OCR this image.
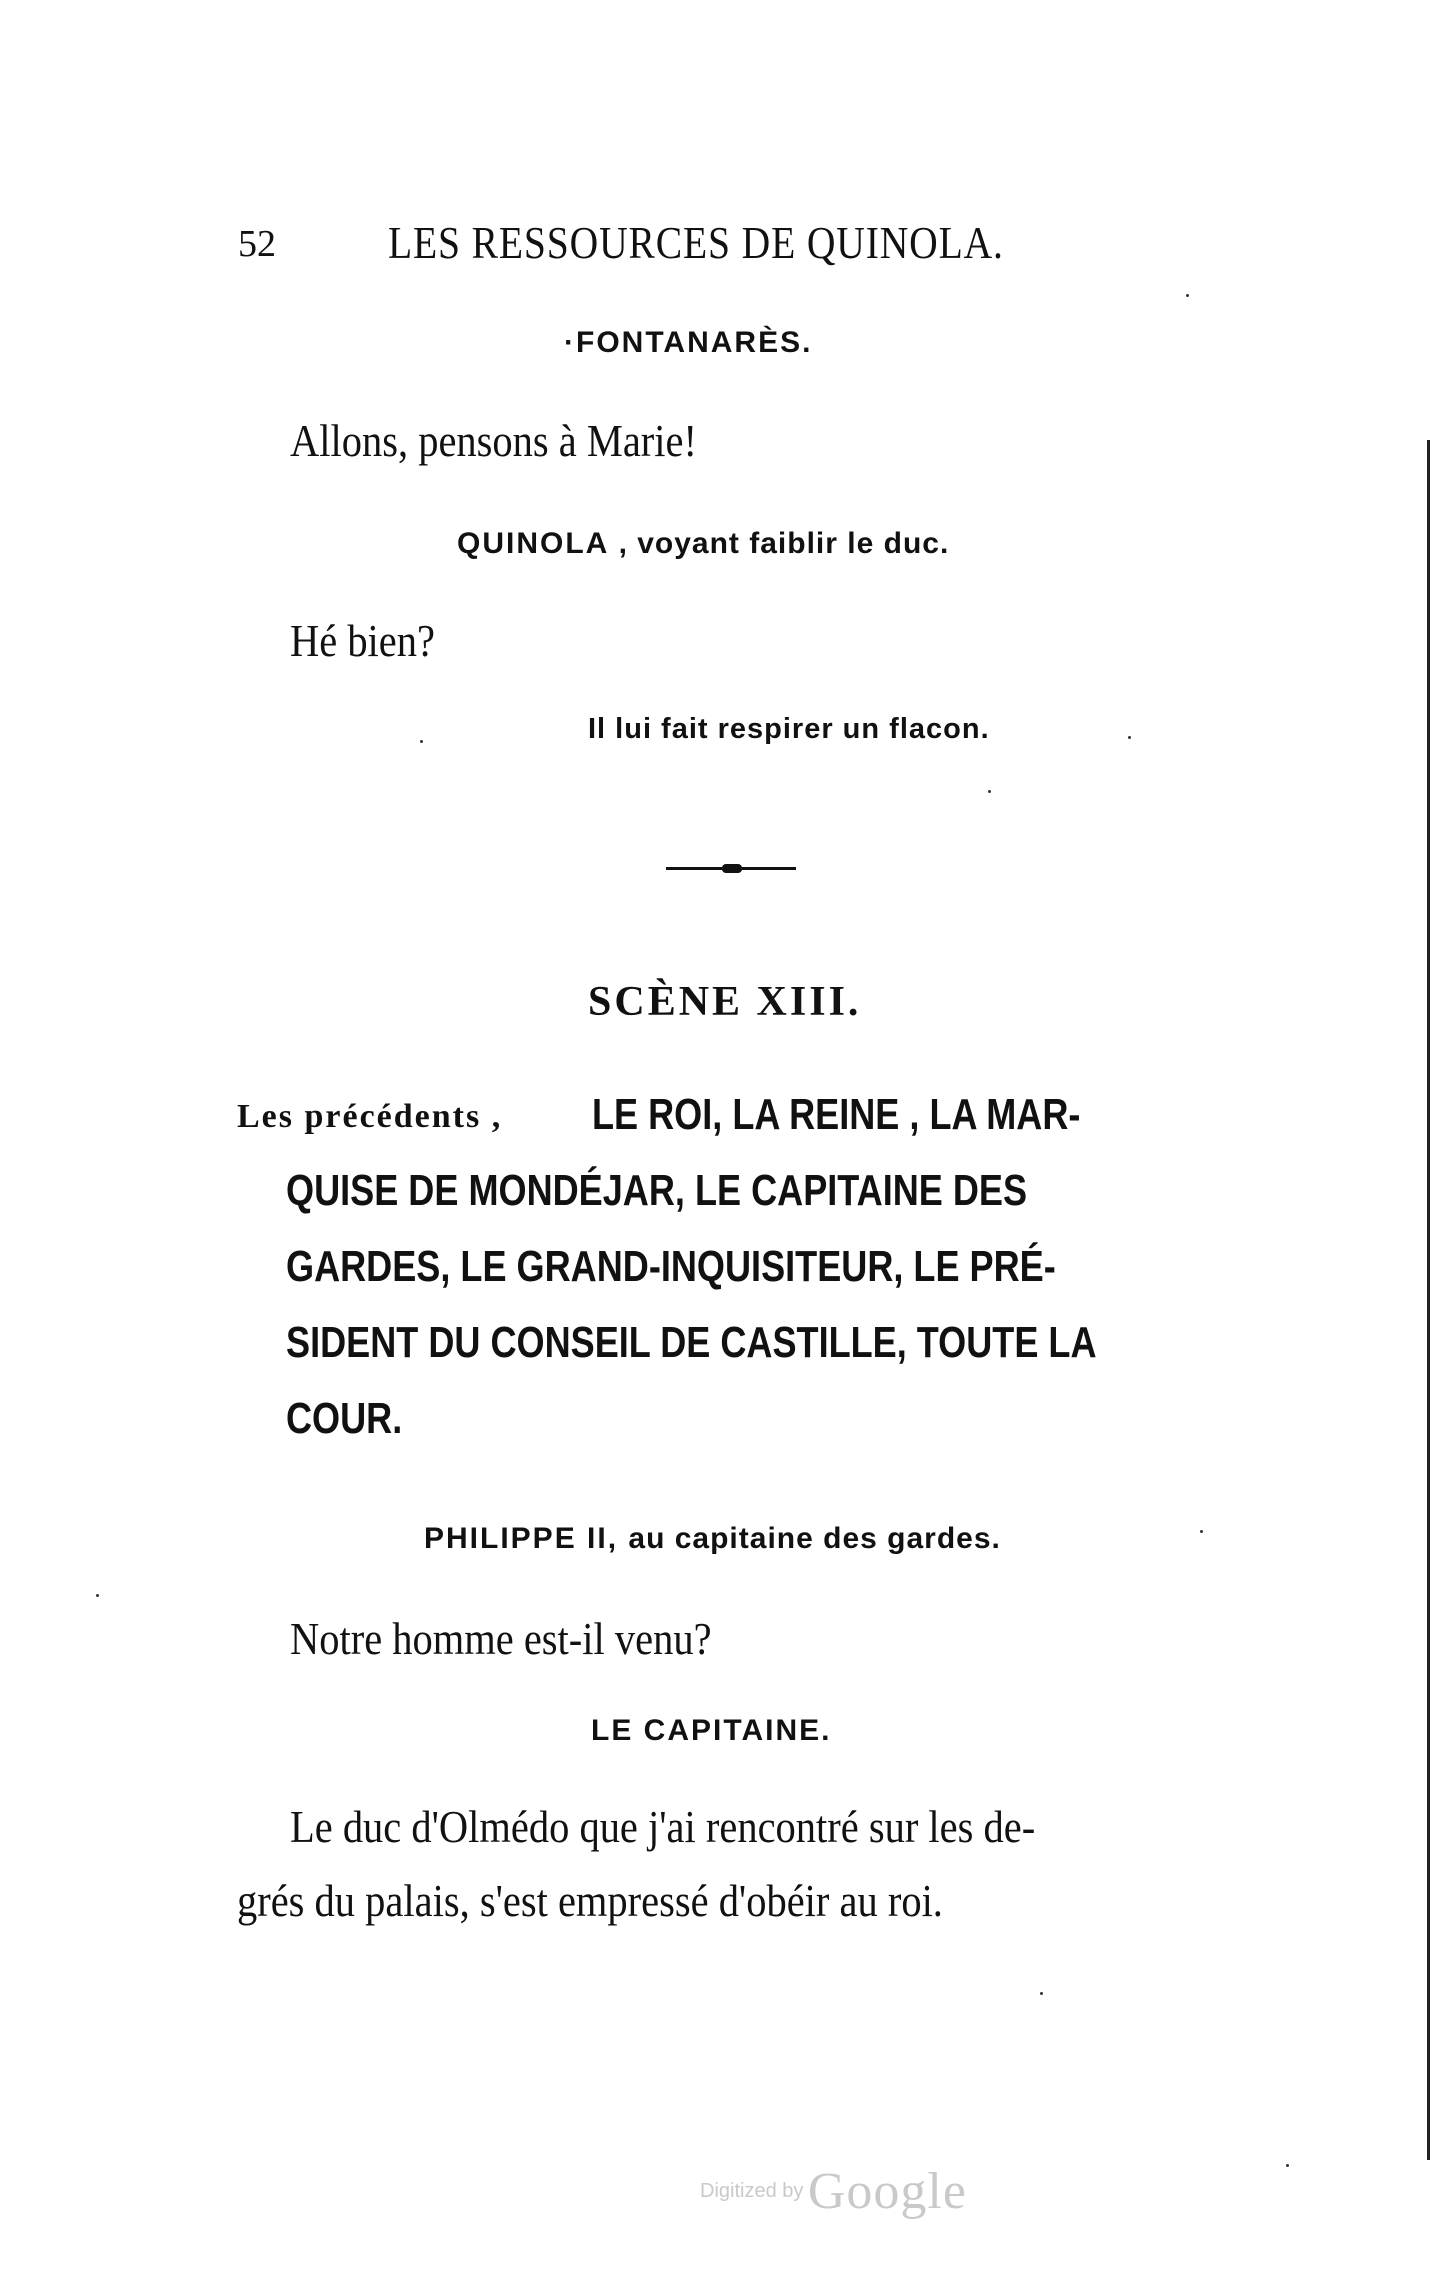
52 LES RESSOURCES DE QUINOLA.
·FONTANARÈS.
Allons, pensons à Marie!
QUINOLA , voyant faiblir le duc.
Hé bien?
Il lui fait respirer un flacon.
SCÈNE XIII.
Les précédents , LE ROI, LA REINE , LA MAR-
QUISE DE MONDÉJAR, LE CAPITAINE DES
GARDES, LE GRAND-INQUISITEUR, LE PRÉ-
SIDENT DU CONSEIL DE CASTILLE, TOUTE LA
COUR.
PHILIPPE II, au capitaine des gardes.
Notre homme est-il venu?
LE CAPITAINE.
Le duc d'Olmédo que j'ai rencontré sur les de-
grés du palais, s'est empressé d'obéir au roi.
Digitized by Google
